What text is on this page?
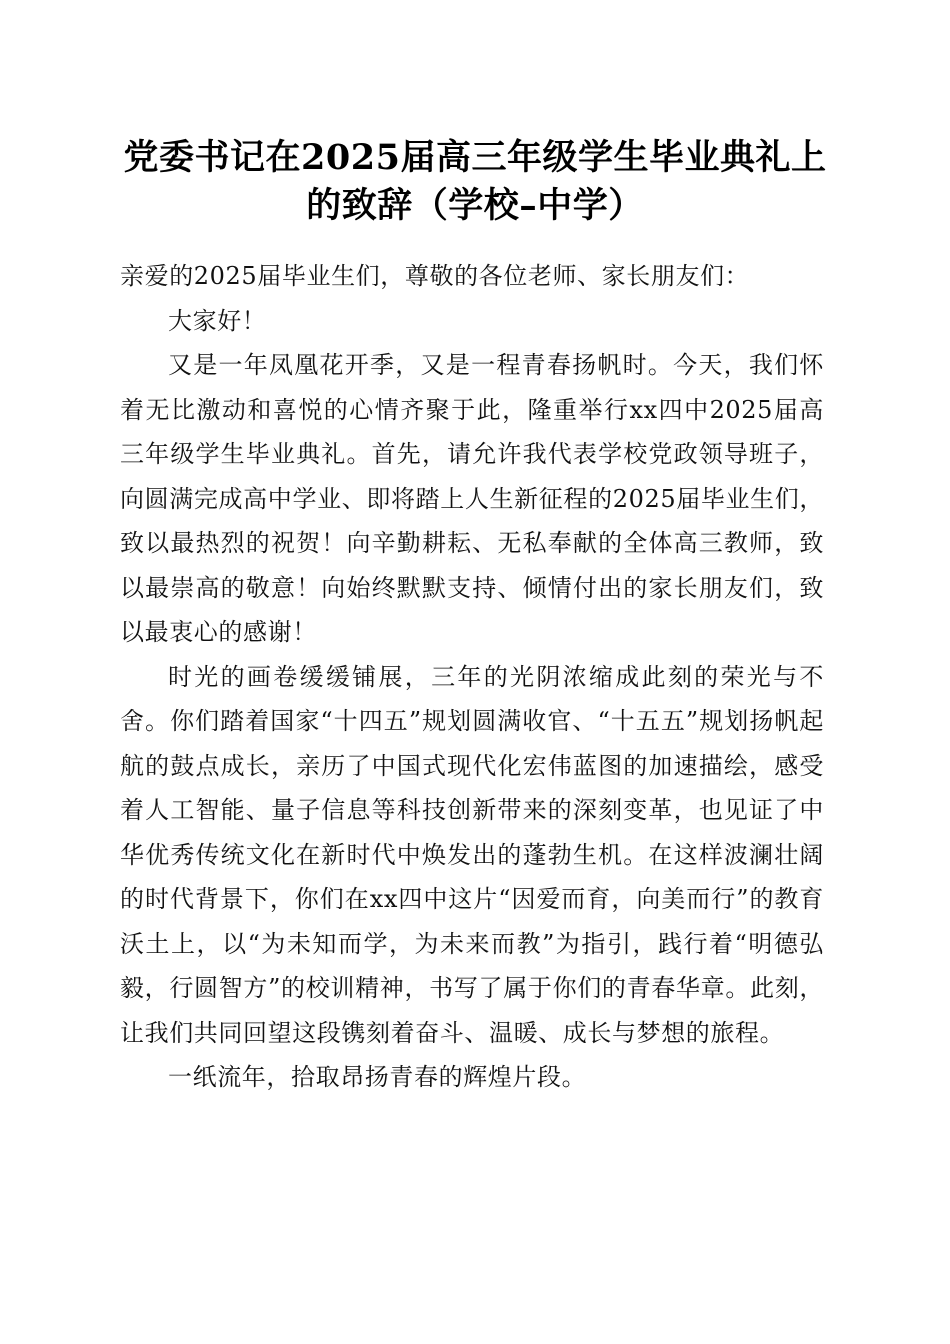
党委书记在2025届高三年级学生毕业典礼上
的致辞（学校–中学）

亲爱的2025届毕业生们，尊敬的各位老师、家长朋友们：

大家好！

又是一年凤凰花开季，又是一程青春扬帆时。今天，我们怀着无比激动和喜悦的心情齐聚于此，隆重举行xx四中2025届高三年级学生毕业典礼。首先，请允许我代表学校党政领导班子，向圆满完成高中学业、即将踏上人生新征程的2025届毕业生们，致以最热烈的祝贺！向辛勤耕耘、无私奉献的全体高三教师，致以最崇高的敬意！向始终默默支持、倾情付出的家长朋友们，致以最衷心的感谢！

时光的画卷缓缓铺展，三年的光阴浓缩成此刻的荣光与不舍。你们踏着国家“十四五”规划圆满收官、“十五五”规划扬帆起航的鼓点成长，亲历了中国式现代化宏伟蓝图的加速描绘，感受着人工智能、量子信息等科技创新带来的深刻变革，也见证了中华优秀传统文化在新时代中焕发出的蓬勃生机。在这样波澜壮阔的时代背景下，你们在xx四中这片“因爱而育，向美而行”的教育沃土上，以“为未知而学，为未来而教”为指引，践行着“明德弘毅，行圆智方”的校训精神，书写了属于你们的青春华章。此刻，让我们共同回望这段镌刻着奋斗、温暖、成长与梦想的旅程。

一纸流年，拾取昂扬青春的辉煌片段。
